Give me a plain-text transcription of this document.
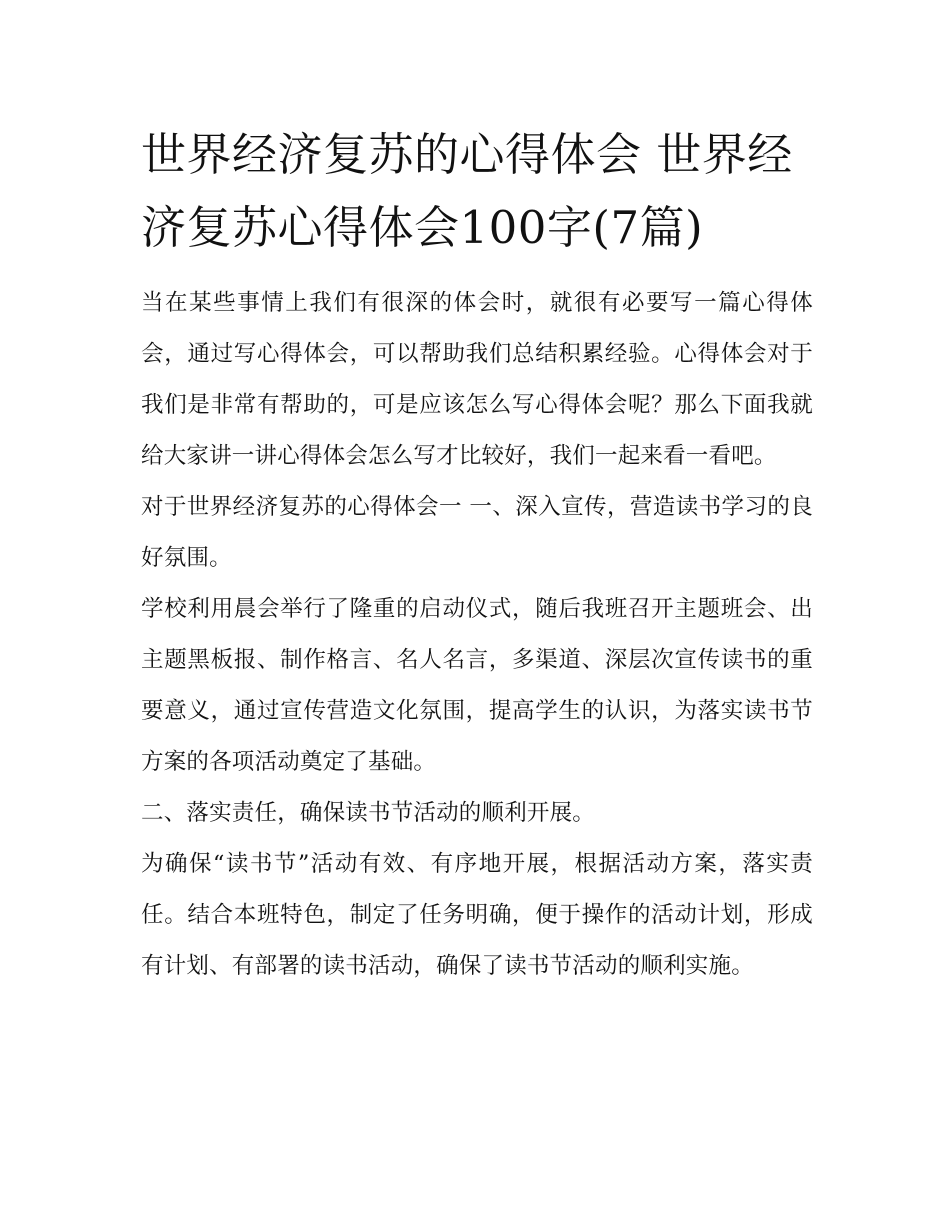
世界经济复苏的心得体会 世界经济复苏心得体会100字(7篇)

当在某些事情上我们有很深的体会时，就很有必要写一篇心得体会，通过写心得体会，可以帮助我们总结积累经验。心得体会对于我们是非常有帮助的，可是应该怎么写心得体会呢？那么下面我就给大家讲一讲心得体会怎么写才比较好，我们一起来看一看吧。

对于世界经济复苏的心得体会一 一、深入宣传，营造读书学习的良好氛围。

学校利用晨会举行了隆重的启动仪式，随后我班召开主题班会、出主题黑板报、制作格言、名人名言，多渠道、深层次宣传读书的重要意义，通过宣传营造文化氛围，提高学生的认识，为落实读书节方案的各项活动奠定了基础。

二、落实责任，确保读书节活动的顺利开展。

为确保“读书节”活动有效、有序地开展，根据活动方案，落实责任。结合本班特色，制定了任务明确，便于操作的活动计划，形成有计划、有部署的读书活动，确保了读书节活动的顺利实施。
